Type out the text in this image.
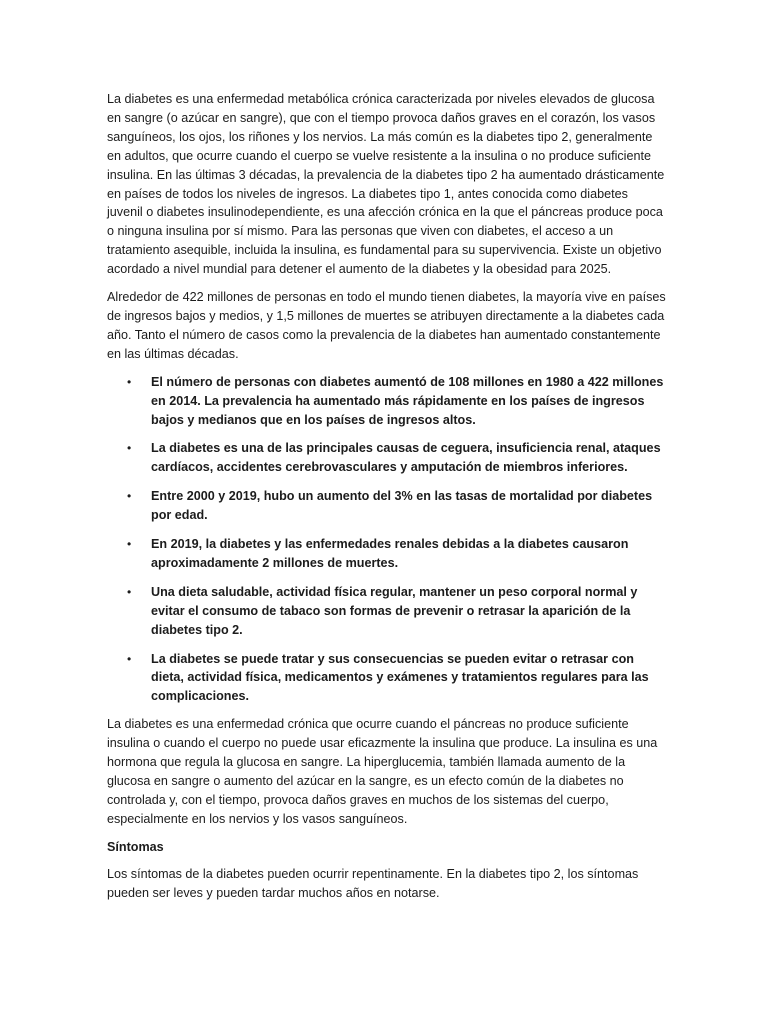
La diabetes es una enfermedad metabólica crónica caracterizada por niveles elevados de glucosa en sangre (o azúcar en sangre), que con el tiempo provoca daños graves en el corazón, los vasos sanguíneos, los ojos, los riñones y los nervios. La más común es la diabetes tipo 2, generalmente en adultos, que ocurre cuando el cuerpo se vuelve resistente a la insulina o no produce suficiente insulina. En las últimas 3 décadas, la prevalencia de la diabetes tipo 2 ha aumentado drásticamente en países de todos los niveles de ingresos. La diabetes tipo 1, antes conocida como diabetes juvenil o diabetes insulinodependiente, es una afección crónica en la que el páncreas produce poca o ninguna insulina por sí mismo. Para las personas que viven con diabetes, el acceso a un tratamiento asequible, incluida la insulina, es fundamental para su supervivencia. Existe un objetivo acordado a nivel mundial para detener el aumento de la diabetes y la obesidad para 2025.

Alrededor de 422 millones de personas en todo el mundo tienen diabetes, la mayoría vive en países de ingresos bajos y medios, y 1,5 millones de muertes se atribuyen directamente a la diabetes cada año. Tanto el número de casos como la prevalencia de la diabetes han aumentado constantemente en las últimas décadas.

• El número de personas con diabetes aumentó de 108 millones en 1980 a 422 millones en 2014. La prevalencia ha aumentado más rápidamente en los países de ingresos bajos y medianos que en los países de ingresos altos.
• La diabetes es una de las principales causas de ceguera, insuficiencia renal, ataques cardíacos, accidentes cerebrovasculares y amputación de miembros inferiores.
• Entre 2000 y 2019, hubo un aumento del 3% en las tasas de mortalidad por diabetes por edad.
• En 2019, la diabetes y las enfermedades renales debidas a la diabetes causaron aproximadamente 2 millones de muertes.
• Una dieta saludable, actividad física regular, mantener un peso corporal normal y evitar el consumo de tabaco son formas de prevenir o retrasar la aparición de la diabetes tipo 2.
• La diabetes se puede tratar y sus consecuencias se pueden evitar o retrasar con dieta, actividad física, medicamentos y exámenes y tratamientos regulares para las complicaciones.

La diabetes es una enfermedad crónica que ocurre cuando el páncreas no produce suficiente insulina o cuando el cuerpo no puede usar eficazmente la insulina que produce. La insulina es una hormona que regula la glucosa en sangre. La hiperglucemia, también llamada aumento de la glucosa en sangre o aumento del azúcar en la sangre, es un efecto común de la diabetes no controlada y, con el tiempo, provoca daños graves en muchos de los sistemas del cuerpo, especialmente en los nervios y los vasos sanguíneos.

Síntomas

Los síntomas de la diabetes pueden ocurrir repentinamente. En la diabetes tipo 2, los síntomas pueden ser leves y pueden tardar muchos años en notarse.
